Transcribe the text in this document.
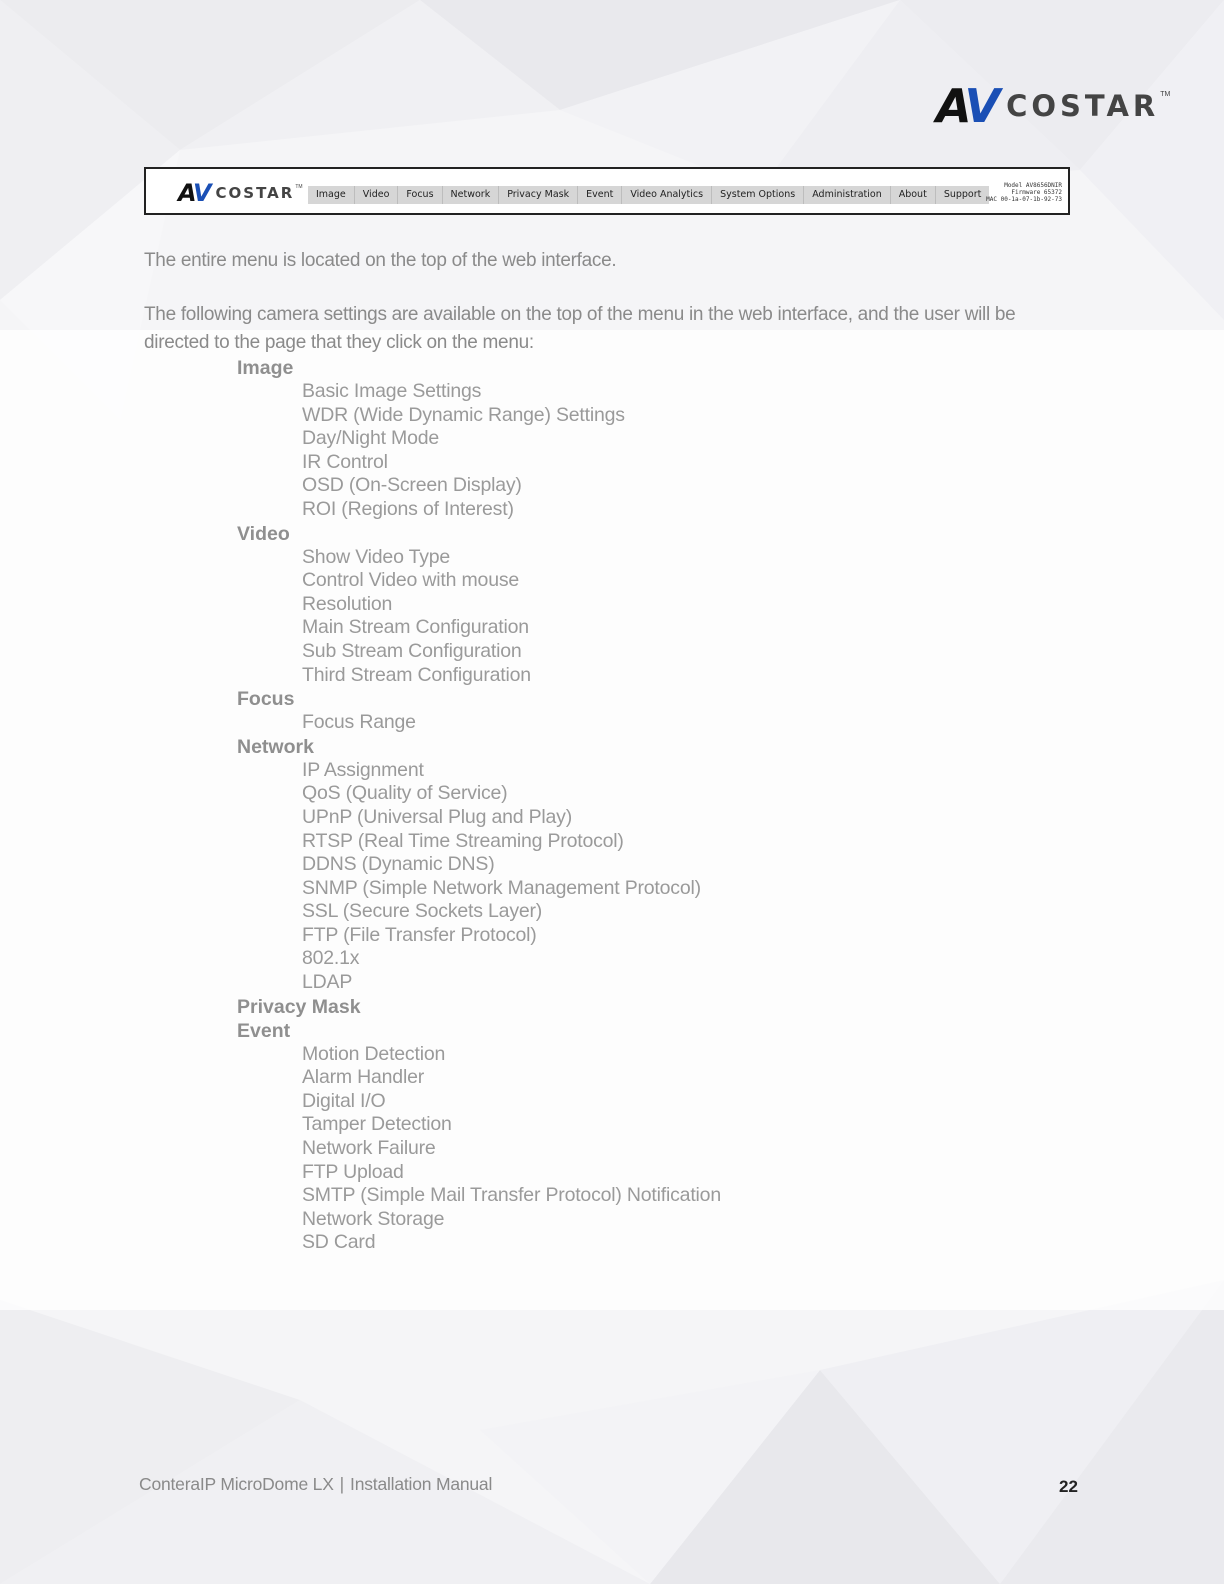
AV COSTAR TM
AV COSTAR TM
Image	Video	Focus	Network	Privacy Mask	Event	Video Analytics	System Options	Administration	About	Support
Model AV8656DNIR
Firmware 65372
MAC 00-1a-07-1b-92-73
The entire menu is located on the top of the web interface.
The following camera settings are available on the top of the menu in the web interface, and the user will be directed to the page that they click on the menu:
Image
Basic Image Settings
WDR (Wide Dynamic Range) Settings
Day/Night Mode
IR Control
OSD (On-Screen Display)
ROI (Regions of Interest)
Video
Show Video Type
Control Video with mouse
Resolution
Main Stream Configuration
Sub Stream Configuration
Third Stream Configuration
Focus
Focus Range
Network
IP Assignment
QoS (Quality of Service)
UPnP (Universal Plug and Play)
RTSP (Real Time Streaming Protocol)
DDNS (Dynamic DNS)
SNMP (Simple Network Management Protocol)
SSL (Secure Sockets Layer)
FTP (File Transfer Protocol)
802.1x
LDAP
Privacy Mask
Event
Motion Detection
Alarm Handler
Digital I/O
Tamper Detection
Network Failure
FTP Upload
SMTP (Simple Mail Transfer Protocol) Notification
Network Storage
SD Card
ConteraIP MicroDome LX | Installation Manual	22
